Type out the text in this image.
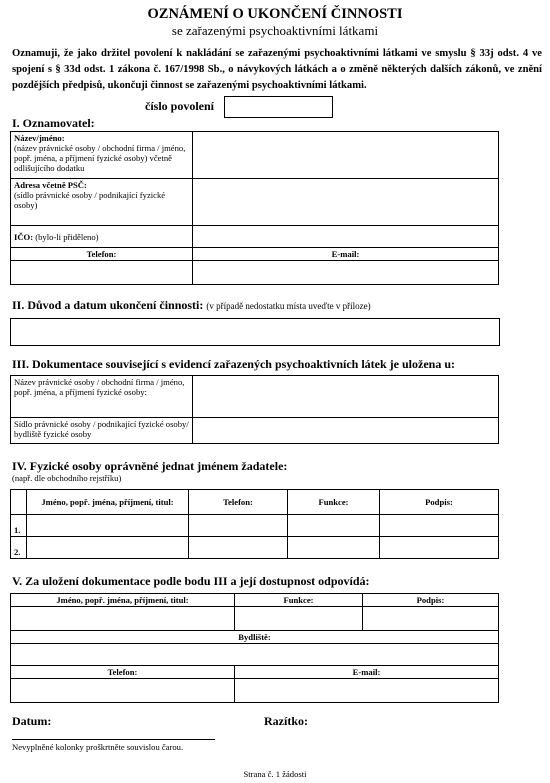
OZNÁMENÍ O UKONČENÍ ČINNOSTI
se zařazenými psychoaktivními látkami
Oznamuji, že jako držitel povolení k nakládání se zařazenými psychoaktivními látkami ve smyslu § 33j odst. 4 ve spojení s § 33d odst. 1 zákona č. 167/1998 Sb., o návykových látkách a o změně některých dalších zákonů, ve znění pozdějších předpisů, ukončuji činnost se zařazenými psychoaktivními látkami.
číslo povolení
I. Oznamovatel:
Název/jméno:
(název právnické osoby / obchodní firma / jméno, popř. jména, a příjmení fyzické osoby) včetně odlišujícího dodatku	
Adresa včetně PSČ:
(sídlo právnické osoby / podnikající fyzické osoby)	
IČO: (bylo-li přiděleno)	
Telefon:	E-mail:

II. Důvod a datum ukončení činnosti: (v případě nedostatku místa uveďte v příloze)
III. Dokumentace související s evidencí zařazených psychoaktivních látek je uložena u:
Název právnické osoby / obchodní firma / jméno, popř. jména, a příjmení fyzické osoby:	
Sídlo právnické osoby / podnikající fyzické osoby/ bydliště fyzické osoby	
IV. Fyzické osoby oprávněné jednat jménem žadatele:
(např. dle obchodního rejstříku)
	Jméno, popř. jména, příjmení, titul:	Telefon:	Funkce:	Podpis:
1.				
2.				
V. Za uložení dokumentace podle bodu III a její dostupnost odpovídá:
Jméno, popř. jména, příjmení, titul:	Funkce:	Podpis:

Bydliště:		

Telefon:	E-mail:	

Datum:	Razítko:
Nevyplněné kolonky proškrtněte souvislou čarou.
Strana č. 1 žádosti
